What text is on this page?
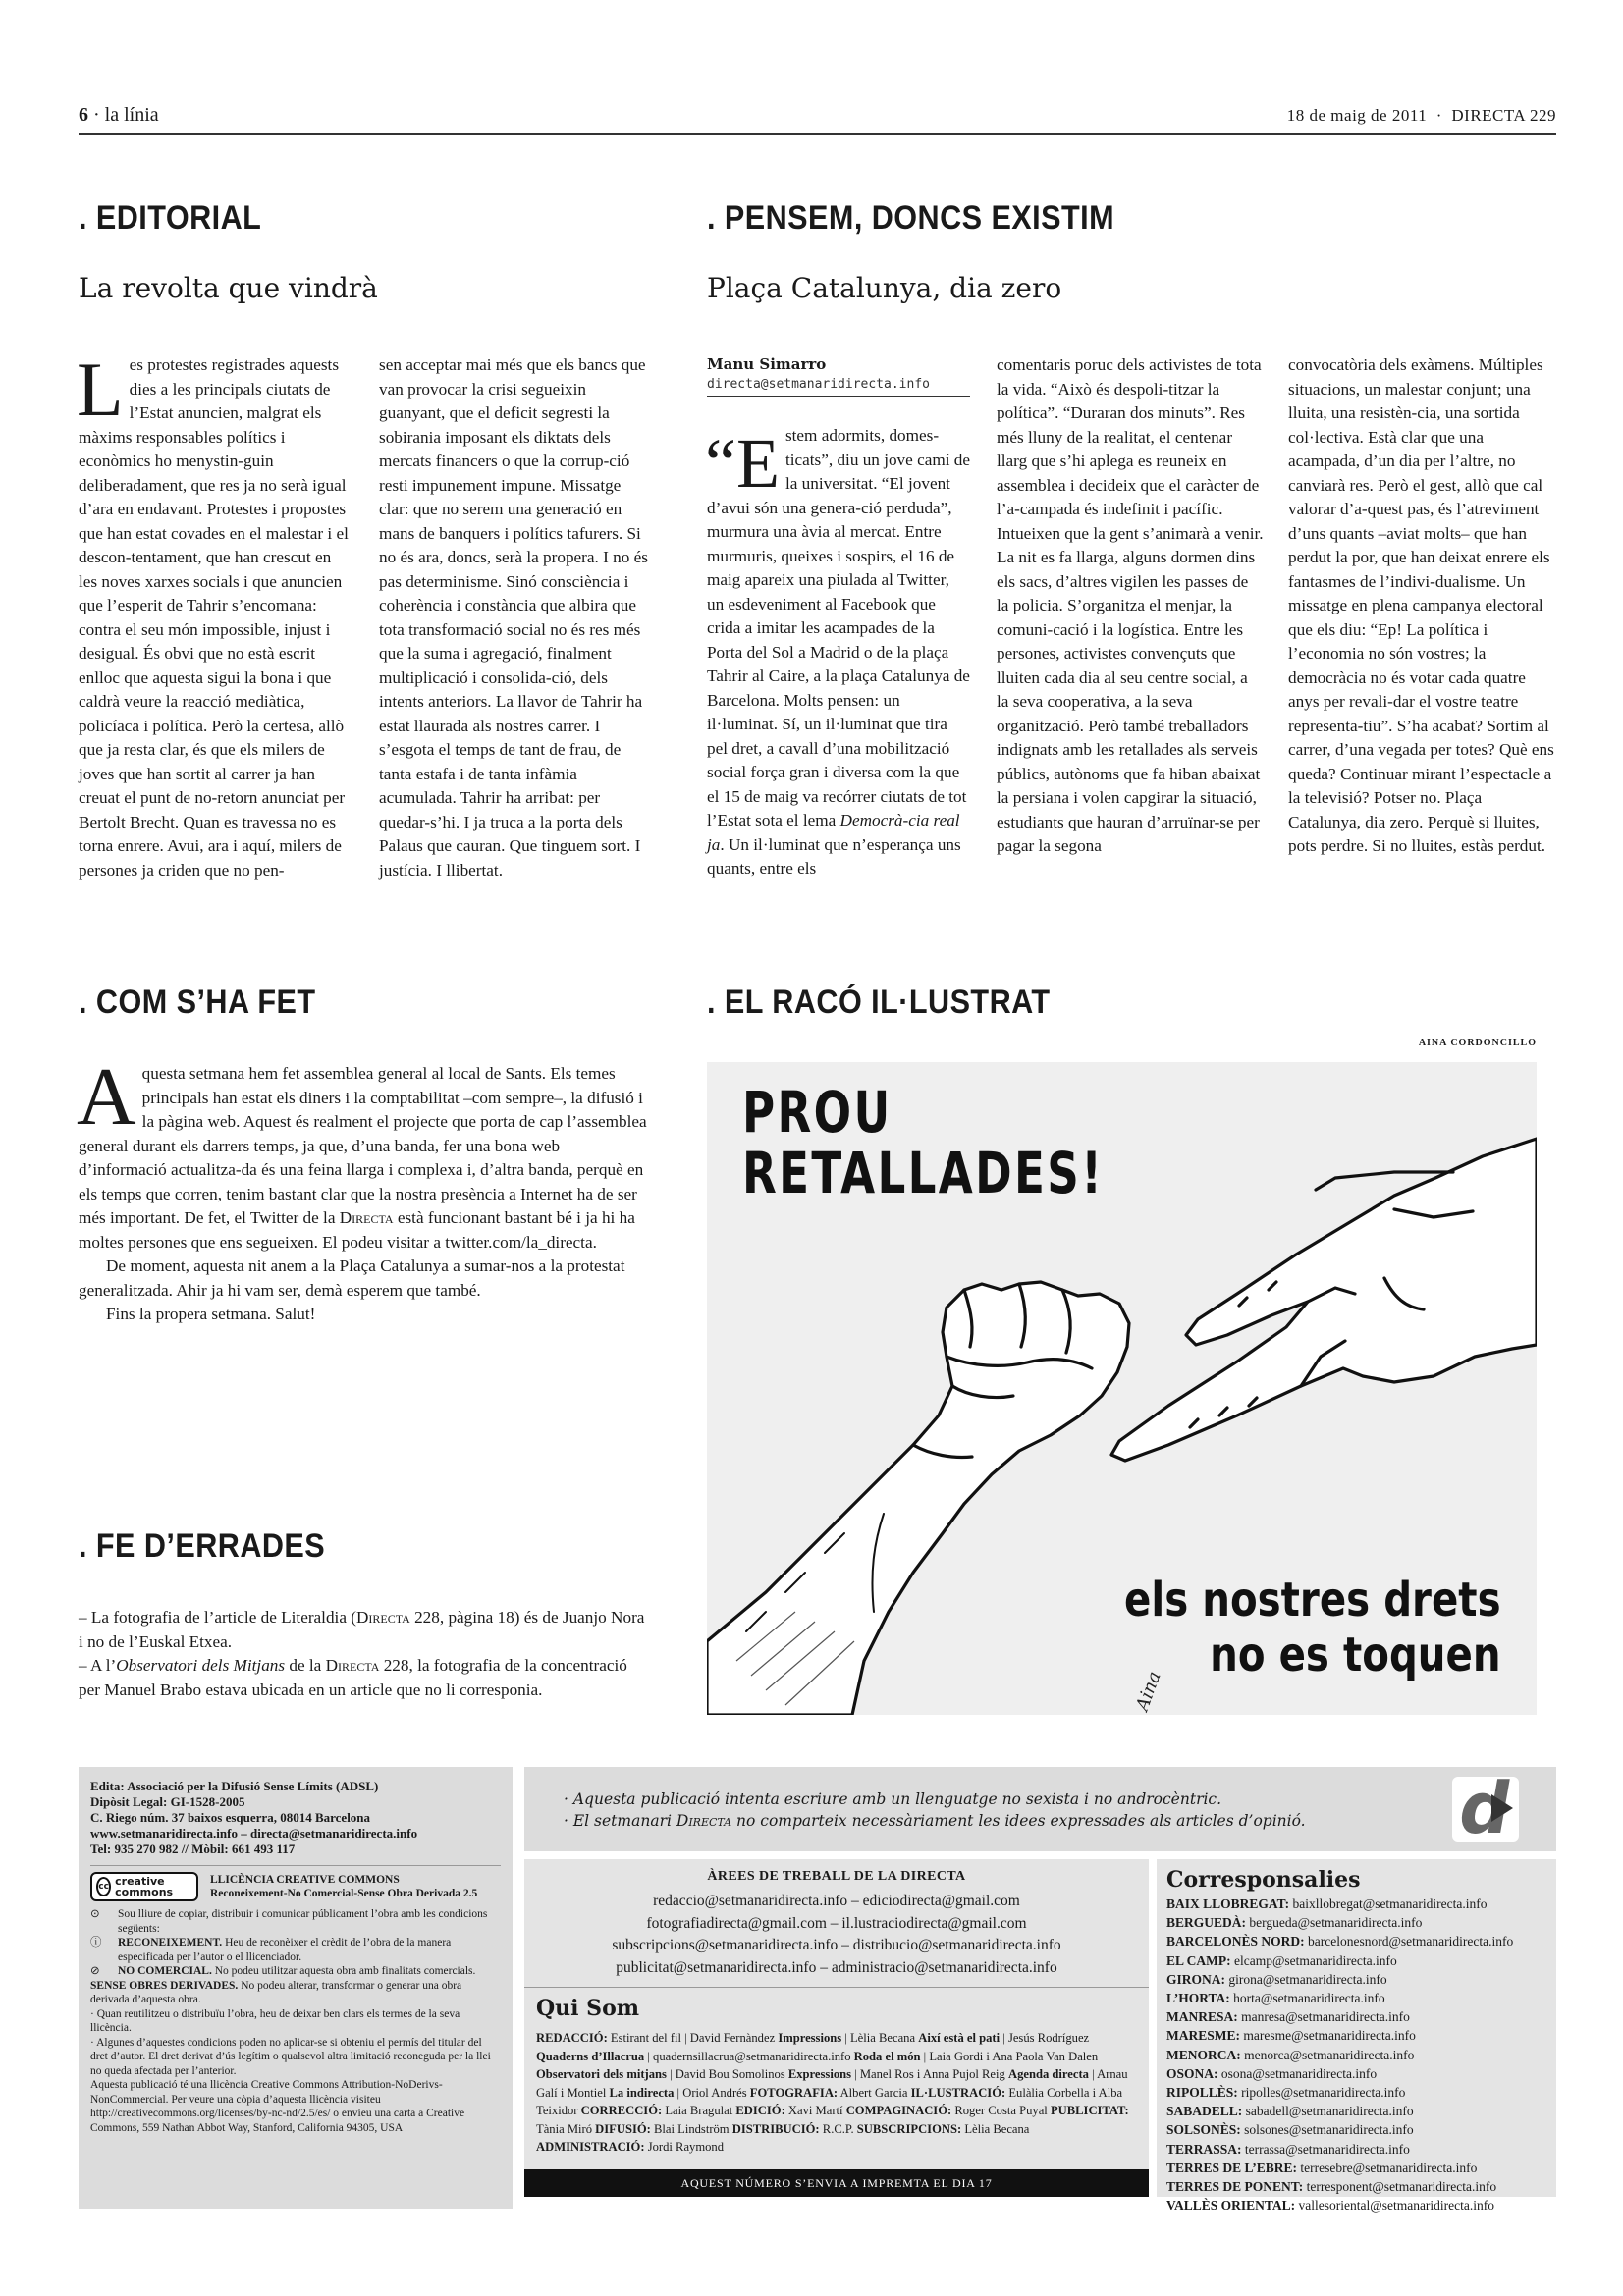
6 · la línia	18 de maig de 2011  ·  DIRECTA 229
. EDITORIAL
La revolta que vindrà
Les protestes registrades aquests dies a les principals ciutats de l’Estat anuncien, malgrat els màxims responsables polítics i econòmics ho menystin-guin deliberadament, que res ja no serà igual d’ara en endavant. Protestes i propostes que han estat covades en el malestar i el descon-tentament, que han crescut en les noves xarxes socials i que anuncien que l’esperit de Tahrir s’encomana: contra el seu món impossible, injust i desigual. És obvi que no està escrit enlloc que aquesta sigui la bona i que caldrà veure la reacció mediàtica, policíaca i política. Però la certesa, allò que ja resta clar, és que els milers de joves que han sortit al carrer ja han creuat el punt de no-retorn anunciat per Bertolt Brecht. Quan es travessa no es torna enrere. Avui, ara i aquí, milers de persones ja criden que no pen-
sen acceptar mai més que els bancs que van provocar la crisi segueixin guanyant, que el deficit segresti la sobirania imposant els diktats dels mercats financers o que la corrup-ció resti impunement impune. Missatge clar: que no serem una generació en mans de banquers i polítics tafurers. Si no és ara, doncs, serà la propera. I no és pas determinisme. Sinó consciència i coherència i constància que albira que tota transformació social no és res més que la suma i agregació, finalment multiplicació i consolida-ció, dels intents anteriors. La llavor de Tahrir ha estat llaurada als nostres carrer. I s’esgota el temps de tant de frau, de tanta estafa i de tanta infàmia acumulada. Tahrir ha arribat: per quedar-s’hi. I ja truca a la porta dels Palaus que cauran. Que tinguem sort. I justícia. I llibertat.
. PENSEM, DONCS EXISTIM
Plaça Catalunya, dia zero
Manu Simarro
directa@setmanaridirecta.info
“E stem adormits, domes-ticats”, diu un jove camí de la universitat. “El jovent d’avui són una genera-ció perduda”, murmura una àvia al mercat. Entre murmuris, queixes i sospirs, el 16 de maig apareix una piulada al Twitter, un esdeveniment al Facebook que crida a imitar les acampades de la Porta del Sol a Madrid o de la plaça Tahrir al Caire, a la plaça Catalunya de Barcelona. Molts pensen: un il·luminat. Sí, un il·luminat que tira pel dret, a cavall d’una mobilització social força gran i diversa com la que el 15 de maig va recórrer ciutats de tot l’Estat sota el lema Democrà-cia real ja. Un il·luminat que n’esperança uns quants, entre els
comentaris poruc dels activistes de tota la vida. “Això és despoli-titzar la política”. “Duraran dos minuts”. Res més lluny de la realitat, el centenar llarg que s’hi aplega es reuneix en assemblea i decideix que el caràcter de l’a-campada és indefinit i pacífic. Intueixen que la gent s’animarà a venir. La nit es fa llarga, alguns dormen dins els sacs, d’altres vigilen les passes de la policia. S’organitza el menjar, la comuni-cació i la logística. Entre les persones, activistes convençuts que lluiten cada dia al seu centre social, a la seva cooperativa, a la seva organització. Però també treballadors indignats amb les retallades als serveis públics, autònoms que fa hiban abaixat la persiana i volen capgirar la situació, estudiants que hauran d’arruïnar-se per pagar la segona
convocatòria dels exàmens. Múltiples situacions, un malestar conjunt; una lluita, una resistèn-cia, una sortida col·lectiva. Està clar que una acampada, d’un dia per l’altre, no canviarà res. Però el gest, allò que cal valorar d’a-quest pas, és l’atreviment d’uns quants –aviat molts– que han perdut la por, que han deixat enrere els fantasmes de l’indivi-dualisme. Un missatge en plena campanya electoral que els diu: “Ep! La política i l’economia no són vostres; la democràcia no és votar cada quatre anys per revali-dar el vostre teatre representa-tiu”. S’ha acabat? Sortim al carrer, d’una vegada per totes? Què ens queda? Continuar mirant l’espectacle a la televisió? Potser no. Plaça Catalunya, dia zero. Perquè si lluites, pots perdre. Si no lluites, estàs perdut.
. COM S’HA FET

Aquesta setmana hem fet assemblea general al local de Sants. Els temes principals han estat els diners i la comptabilitat –com sempre–, la difusió i la pàgina web. Aquest és realment el projecte que porta de cap l’assemblea general durant els darrers temps, ja que, d’una banda, fer una bona web d’informació actualitza-da és una feina llarga i complexa i, d’altra banda, perquè en els temps que corren, tenim bastant clar que la nostra presència a Internet ha de ser més important. De fet, el Twitter de la Directa està funcionant bastant bé i ja hi ha moltes persones que ens segueixen. El podeu visitar a twitter.com/la_directa.

De moment, aquesta nit anem a la Plaça Catalunya a sumar-nos a la protestat generalitzada. Ahir ja hi vam ser, demà esperem que també.

Fins la propera setmana. Salut!

. FE D’ERRADES

– La fotografia de l’article de Literaldia (Directa 228, pàgina 18) és de Juanjo Nora i no de l’Euskal Etxea.

– A l’Observatori dels Mitjans de la Directa 228, la fotografia de la concentració per Manuel Brabo estava ubicada en un article que no li corresponia.

. EL RACÓ IL·LUSTRAT
AINA CORDONCILLO
PROU
RETALLADES!
Aina
els nostres drets
no es toquen
Edita: Associació per la Difusió Sense Límits (ADSL)
Dipòsit Legal: GI-1528-2005
C. Riego núm. 37 baixos esquerra, 08014 Barcelona
www.setmanaridirecta.info – directa@setmanaridirecta.info
Tel: 935 270 982 // Mòbil: 661 493 117
cc creative commons
LLICÈNCIA CREATIVE COMMONS
Reconeixement-No Comercial-Sense Obra Derivada 2.5
⊙	Sou lliure de copiar, distribuir i comunicar públicament l’obra amb les condicions següents:
ⓘ	RECONEIXEMENT. Heu de reconèixer el crèdit de l’obra de la manera especificada per l’autor o el llicenciador.
⊘	NO COMERCIAL. No podeu utilitzar aquesta obra amb finalitats comercials.
SENSE OBRES DERIVADES. No podeu alterar, transformar o generar una obra derivada d’aquesta obra.
· Quan reutilitzeu o distribuïu l’obra, heu de deixar ben clars els termes de la seva llicència.
· Algunes d’aquestes condicions poden no aplicar-se si obteniu el permís del titular del dret d’autor. El dret derivat d’ús legítim o qualsevol altra limitació reconeguda per la llei no queda afectada per l’anterior.
Aquesta publicació té una llicència Creative Commons Attribution-NoDerivs-NonCommercial. Per veure una còpia d’aquesta llicència visiteu http://creativecommons.org/licenses/by-nc-nd/2.5/es/ o envieu una carta a Creative Commons, 559 Nathan Abbot Way, Stanford, California 94305, USA
· Aquesta publicació intenta escriure amb un llenguatge no sexista i no androcèntric.
· El setmanari Directa no comparteix necessàriament les idees expressades als articles d’opinió. d
ÀREES DE TREBALL DE LA DIRECTA
redaccio@setmanaridirecta.info – ediciodirecta@gmail.com
fotografiadirecta@gmail.com – il.lustraciodirecta@gmail.com
subscripcions@setmanaridirecta.info – distribucio@setmanaridirecta.info
publicitat@setmanaridirecta.info – administracio@setmanaridirecta.info
Qui Som
REDACCIÓ: Estirant del fil | David Fernàndez Impressions | Lèlia Becana Així està el pati | Jesús Rodríguez Quaderns d’Illacrua | quadernsillacrua@setmanaridirecta.info Roda el món | Laia Gordi i Ana Paola Van Dalen Observatori dels mitjans | David Bou Somolinos Expressions | Manel Ros i Anna Pujol Reig Agenda directa | Arnau Galí i Montiel La indirecta | Oriol Andrés FOTOGRAFIA: Albert Garcia IL·LUSTRACIÓ: Eulàlia Corbella i Alba Teixidor CORRECCIÓ: Laia Bragulat EDICIÓ: Xavi Martí COMPAGINACIÓ: Roger Costa Puyal PUBLICITAT: Tània Miró DIFUSIÓ: Blai Lindström DISTRIBUCIÓ: R.C.P. SUBSCRIPCIONS: Lèlia Becana ADMINISTRACIÓ: Jordi Raymond
AQUEST NÚMERO S’ENVIA A IMPREMTA EL DIA 17
Corresponsalies
BAIX LLOBREGAT: baixllobregat@setmanaridirecta.info
BERGUEDÀ: bergueda@setmanaridirecta.info
BARCELONÈS NORD: barcelonesnord@setmanaridirecta.info
EL CAMP: elcamp@setmanaridirecta.info
GIRONA: girona@setmanaridirecta.info
L’HORTA: horta@setmanaridirecta.info
MANRESA: manresa@setmanaridirecta.info
MARESME: maresme@setmanaridirecta.info
MENORCA: menorca@setmanaridirecta.info
OSONA: osona@setmanaridirecta.info
RIPOLLÈS: ripolles@setmanaridirecta.info
SABADELL: sabadell@setmanaridirecta.info
SOLSONÈS: solsones@setmanaridirecta.info
TERRASSA: terrassa@setmanaridirecta.info
TERRES DE L’EBRE: terresebre@setmanaridirecta.info
TERRES DE PONENT: terresponent@setmanaridirecta.info
VALLÈS ORIENTAL: vallesoriental@setmanaridirecta.info
